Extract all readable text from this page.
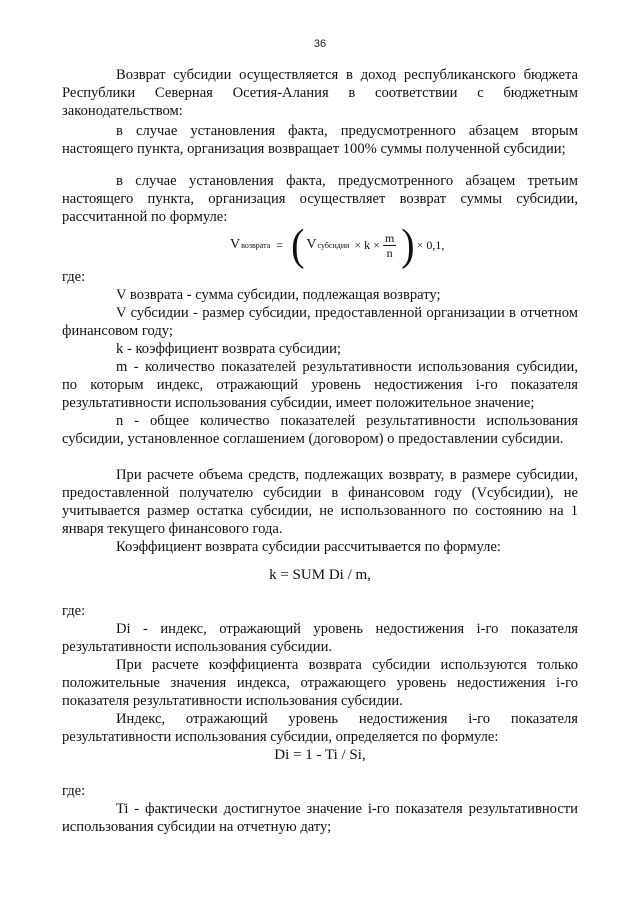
36

Возврат субсидии осуществляется в доход республиканского бюджета Республики Северная Осетия-Алания в соответствии с бюджетным законодательством:

в случае установления факта, предусмотренного абзацем вторым настоящего пункта, организация возвращает 100% суммы полученной субсидии;

в случае установления факта, предусмотренного абзацем третьим настоящего пункта, организация осуществляет возврат суммы субсидии, рассчитанной по формуле:

V возврата = ( V субсидии × $k \times \frac{m}{n}$ ) × 0,1,

где:

V возврата - сумма субсидии, подлежащая возврату;

V субсидии - размер субсидии, предоставленной организации в отчетном финансовом году;

k - коэффициент возврата субсидии;

m - количество показателей результативности использования субсидии, по которым индекс, отражающий уровень недостижения i-го показателя результативности использования субсидии, имеет положительное значение;

n - общее количество показателей результативности использования субсидии, установленное соглашением (договором) о предоставлении субсидии.

При расчете объема средств, подлежащих возврату, в размере субсидии, предоставленной получателю субсидии в финансовом году (Vсубсидии), не учитывается размер остатка субсидии, не использованного по состоянию на 1 января текущего финансового года.

Коэффициент возврата субсидии рассчитывается по формуле:

k = SUM Di / m,

где:

Di - индекс, отражающий уровень недостижения i-го показателя результативности использования субсидии.

При расчете коэффициента возврата субсидии используются только положительные значения индекса, отражающего уровень недостижения i-го показателя результативности использования субсидии.

Индекс, отражающий уровень недостижения i-го показателя результативности использования субсидии, определяется по формуле:

Di = 1 - Ti / Si,

где:

Ti - фактически достигнутое значение i-го показателя результативности использования субсидии на отчетную дату;
